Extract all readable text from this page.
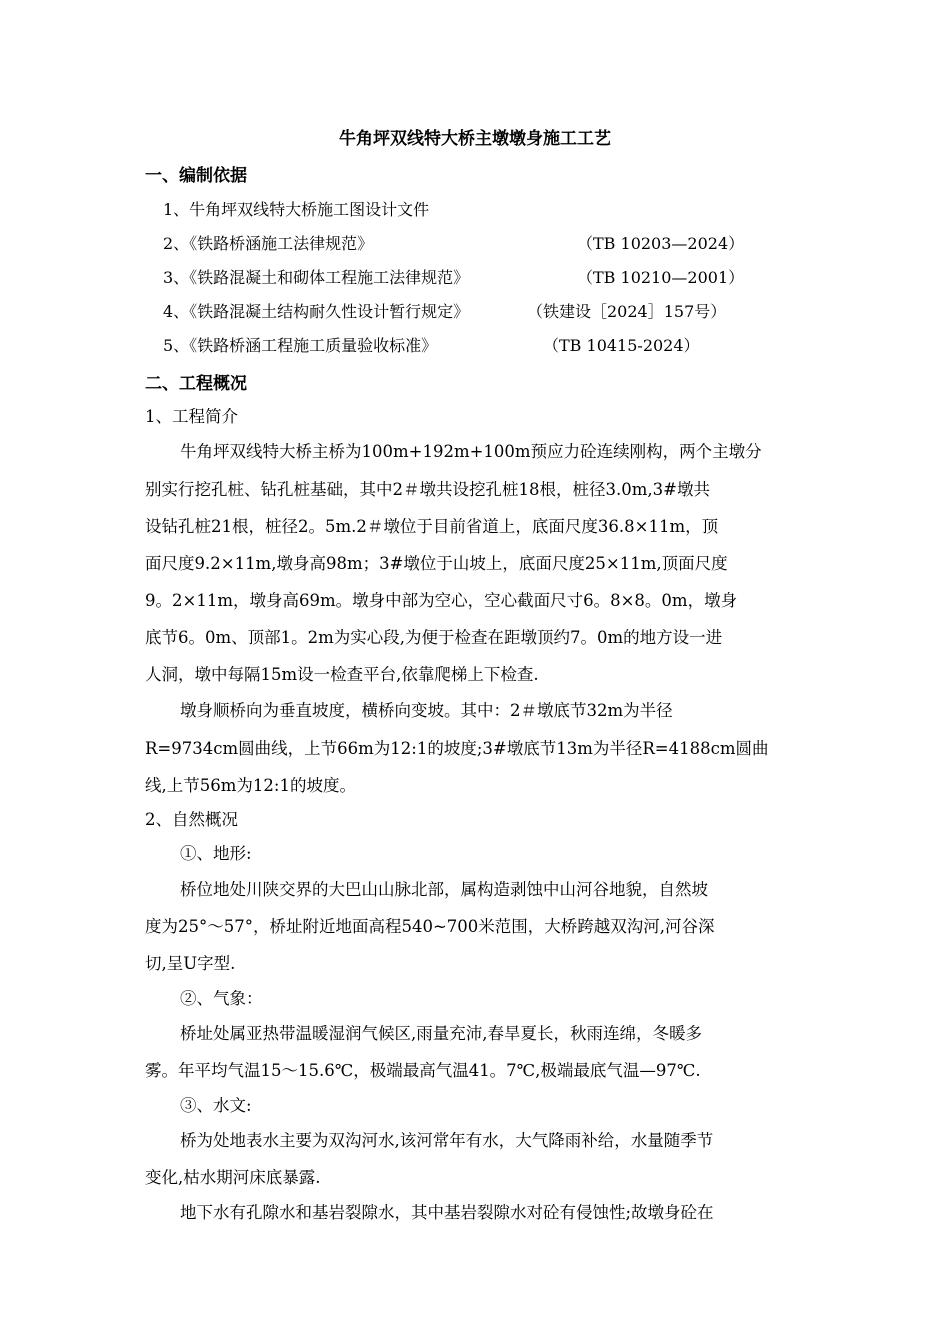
牛角坪双线特大桥主墩墩身施工工艺
一、编制依据
1、牛角坪双线特大桥施工图设计文件
2、《铁路桥涵施工法律规范》	（TB 10203—2024）
3、《铁路混凝土和砌体工程施工法律规范》	（TB 10210—2001）
4、《铁路混凝土结构耐久性设计暂行规定》	（铁建设［2024］157号）
5、《铁路桥涵工程施工质量验收标准》	（TB 10415-2024）
二、工程概况
1、工程简介
牛角坪双线特大桥主桥为100m+192m+100m预应力砼连续刚构，两个主墩分
别实行挖孔桩、钻孔桩基础，其中2＃墩共设挖孔桩18根，桩径3.0m,3#墩共
设钻孔桩21根，桩径2。5m.2＃墩位于目前省道上，底面尺度36.8×11m，顶
面尺度9.2×11m,墩身高98m；3#墩位于山坡上，底面尺度25×11m,顶面尺度
9。2×11m，墩身高69m。墩身中部为空心，空心截面尺寸6。8×8。0m，墩身
底节6。0m、顶部1。2m为实心段,为便于检查在距墩顶约7。0m的地方设一进
人洞，墩中每隔15m设一检查平台,依靠爬梯上下检查.
墩身顺桥向为垂直坡度，横桥向变坡。其中：2＃墩底节32m为半径
R=9734cm圆曲线，上节66m为12:1的坡度;3#墩底节13m为半径R=4188cm圆曲
线,上节56m为12:1的坡度。
2、自然概况
①、地形:
桥位地处川陕交界的大巴山山脉北部，属构造剥蚀中山河谷地貌，自然坡
度为25°～57°，桥址附近地面高程540~700米范围，大桥跨越双沟河,河谷深
切,呈U字型.
②、气象：
桥址处属亚热带温暖湿润气候区,雨量充沛,春旱夏长，秋雨连绵，冬暖多
雾。年平均气温15～15.6℃，极端最高气温41。7℃,极端最底气温—97℃.
③、水文:
桥为处地表水主要为双沟河水,该河常年有水，大气降雨补给，水量随季节
变化,枯水期河床底暴露.
地下水有孔隙水和基岩裂隙水，其中基岩裂隙水对砼有侵蚀性;故墩身砼在
